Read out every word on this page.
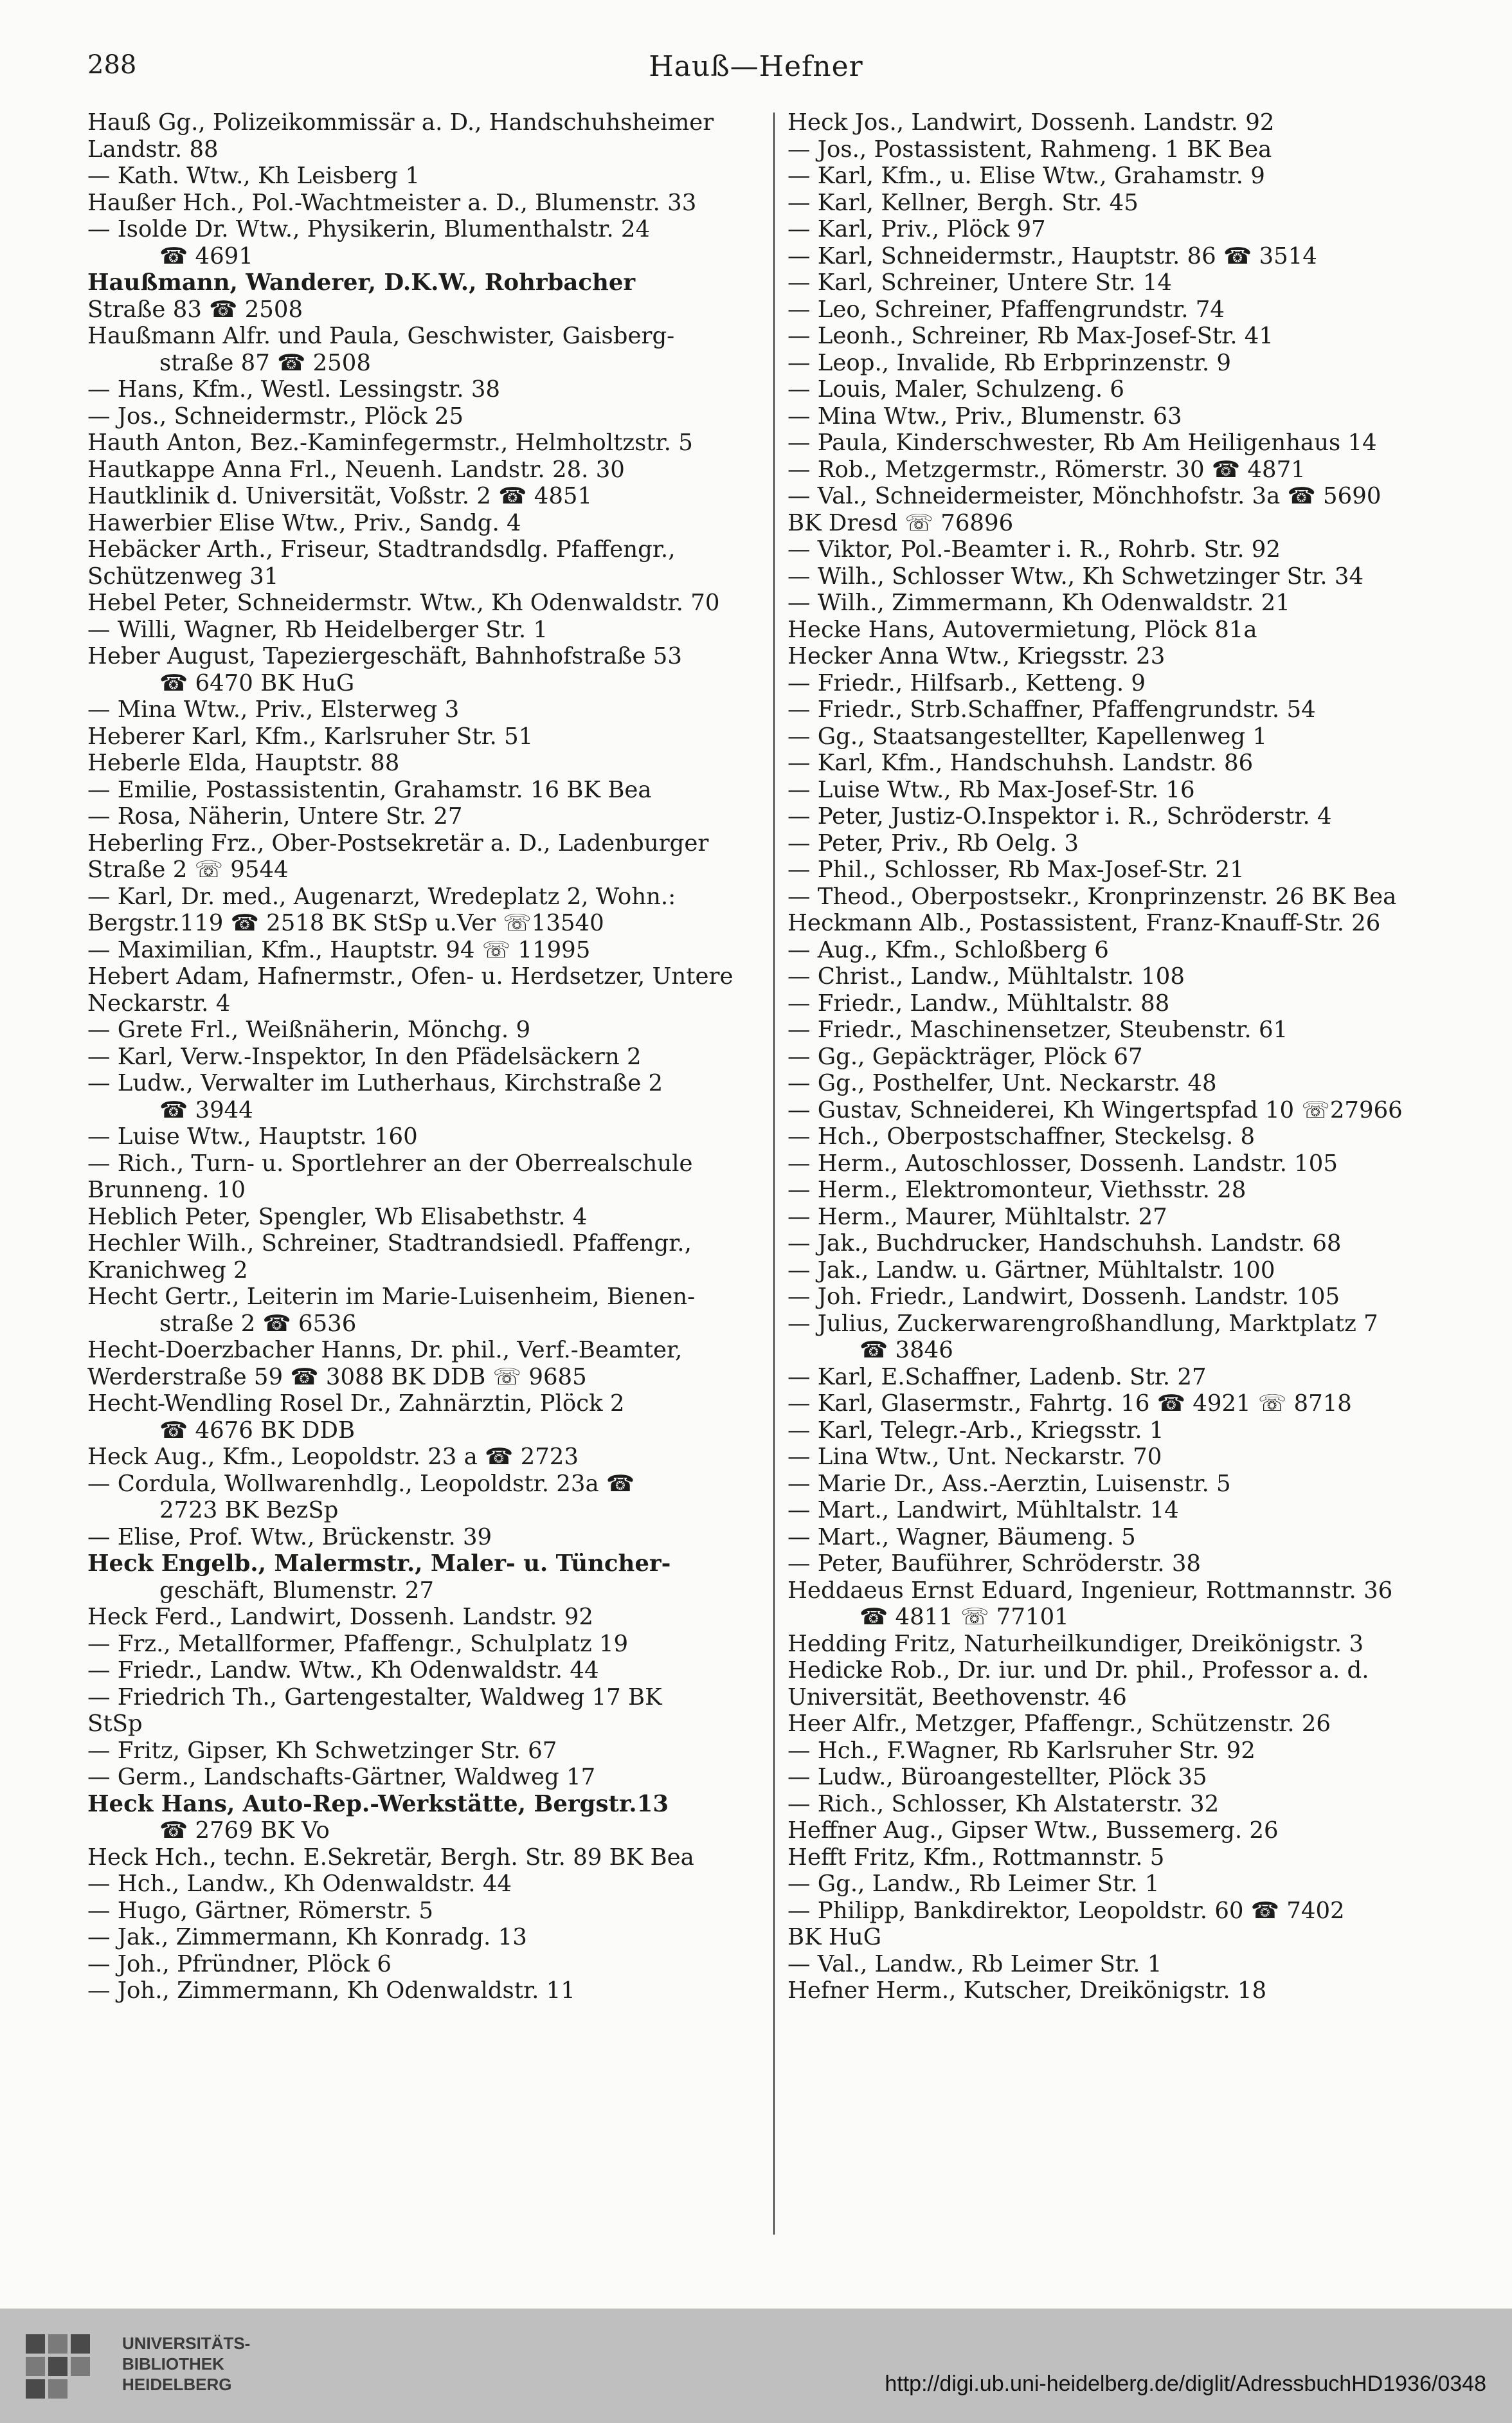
288	Hauß—Hefner
Hauß Gg., Polizeikommissär a. D., Handschuhsheimer
Landstr. 88
— Kath. Wtw., Kh Leisberg 1
Haußer Hch., Pol.-Wachtmeister a. D., Blumenstr. 33
— Isolde Dr. Wtw., Physikerin, Blumenthalstr. 24
☎ 4691
Haußmann, Wanderer, D.K.W., Rohrbacher
Straße 83 ☎ 2508
Haußmann Alfr. und Paula, Geschwister, Gaisberg-
straße 87 ☎ 2508
— Hans, Kfm., Westl. Lessingstr. 38
— Jos., Schneidermstr., Plöck 25
Hauth Anton, Bez.-Kaminfegermstr., Helmholtzstr. 5
Hautkappe Anna Frl., Neuenh. Landstr. 28. 30
Hautklinik d. Universität, Voßstr. 2 ☎ 4851
Hawerbier Elise Wtw., Priv., Sandg. 4
Hebäcker Arth., Friseur, Stadtrandsdlg. Pfaffengr.,
Schützenweg 31
Hebel Peter, Schneidermstr. Wtw., Kh Odenwaldstr. 70
— Willi, Wagner, Rb Heidelberger Str. 1
Heber August, Tapeziergeschäft, Bahnhofstraße 53
☎ 6470 BK HuG
— Mina Wtw., Priv., Elsterweg 3
Heberer Karl, Kfm., Karlsruher Str. 51
Heberle Elda, Hauptstr. 88
— Emilie, Postassistentin, Grahamstr. 16 BK Bea
— Rosa, Näherin, Untere Str. 27
Heberling Frz., Ober-Postsekretär a. D., Ladenburger
Straße 2 ☏ 9544
— Karl, Dr. med., Augenarzt, Wredeplatz 2, Wohn.:
Bergstr.119 ☎ 2518 BK StSp u.Ver ☏13540
— Maximilian, Kfm., Hauptstr. 94 ☏ 11995
Hebert Adam, Hafnermstr., Ofen- u. Herdsetzer, Untere
Neckarstr. 4
— Grete Frl., Weißnäherin, Mönchg. 9
— Karl, Verw.-Inspektor, In den Pfädelsäckern 2
— Ludw., Verwalter im Lutherhaus, Kirchstraße 2
☎ 3944
— Luise Wtw., Hauptstr. 160
— Rich., Turn- u. Sportlehrer an der Oberrealschule
Brunneng. 10
Heblich Peter, Spengler, Wb Elisabethstr. 4
Hechler Wilh., Schreiner, Stadtrandsiedl. Pfaffengr.,
Kranichweg 2
Hecht Gertr., Leiterin im Marie-Luisenheim, Bienen-
straße 2 ☎ 6536
Hecht-Doerzbacher Hanns, Dr. phil., Verf.-Beamter,
Werderstraße 59 ☎ 3088 BK DDB ☏ 9685
Hecht-Wendling Rosel Dr., Zahnärztin, Plöck 2
☎ 4676 BK DDB
Heck Aug., Kfm., Leopoldstr. 23 a ☎ 2723
— Cordula, Wollwarenhdlg., Leopoldstr. 23a ☎
2723 BK BezSp
— Elise, Prof. Wtw., Brückenstr. 39
Heck Engelb., Malermstr., Maler- u. Tüncher-
geschäft, Blumenstr. 27
Heck Ferd., Landwirt, Dossenh. Landstr. 92
— Frz., Metallformer, Pfaffengr., Schulplatz 19
— Friedr., Landw. Wtw., Kh Odenwaldstr. 44
— Friedrich Th., Gartengestalter, Waldweg 17 BK
StSp
— Fritz, Gipser, Kh Schwetzinger Str. 67
— Germ., Landschafts-Gärtner, Waldweg 17
Heck Hans, Auto-Rep.-Werkstätte, Bergstr.13
☎ 2769 BK Vo
Heck Hch., techn. E.Sekretär, Bergh. Str. 89 BK Bea
— Hch., Landw., Kh Odenwaldstr. 44
— Hugo, Gärtner, Römerstr. 5
— Jak., Zimmermann, Kh Konradg. 13
— Joh., Pfründner, Plöck 6
— Joh., Zimmermann, Kh Odenwaldstr. 11
Heck Jos., Landwirt, Dossenh. Landstr. 92
— Jos., Postassistent, Rahmeng. 1 BK Bea
— Karl, Kfm., u. Elise Wtw., Grahamstr. 9
— Karl, Kellner, Bergh. Str. 45
— Karl, Priv., Plöck 97
— Karl, Schneidermstr., Hauptstr. 86 ☎ 3514
— Karl, Schreiner, Untere Str. 14
— Leo, Schreiner, Pfaffengrundstr. 74
— Leonh., Schreiner, Rb Max-Josef-Str. 41
— Leop., Invalide, Rb Erbprinzenstr. 9
— Louis, Maler, Schulzeng. 6
— Mina Wtw., Priv., Blumenstr. 63
— Paula, Kinderschwester, Rb Am Heiligenhaus 14
— Rob., Metzgermstr., Römerstr. 30 ☎ 4871
— Val., Schneidermeister, Mönchhofstr. 3a ☎ 5690
BK Dresd ☏ 76896
— Viktor, Pol.-Beamter i. R., Rohrb. Str. 92
— Wilh., Schlosser Wtw., Kh Schwetzinger Str. 34
— Wilh., Zimmermann, Kh Odenwaldstr. 21
Hecke Hans, Autovermietung, Plöck 81a
Hecker Anna Wtw., Kriegsstr. 23
— Friedr., Hilfsarb., Ketteng. 9
— Friedr., Strb.Schaffner, Pfaffengrundstr. 54
— Gg., Staatsangestellter, Kapellenweg 1
— Karl, Kfm., Handschuhsh. Landstr. 86
— Luise Wtw., Rb Max-Josef-Str. 16
— Peter, Justiz-O.Inspektor i. R., Schröderstr. 4
— Peter, Priv., Rb Oelg. 3
— Phil., Schlosser, Rb Max-Josef-Str. 21
— Theod., Oberpostsekr., Kronprinzenstr. 26 BK Bea
Heckmann Alb., Postassistent, Franz-Knauff-Str. 26
— Aug., Kfm., Schloßberg 6
— Christ., Landw., Mühltalstr. 108
— Friedr., Landw., Mühltalstr. 88
— Friedr., Maschinensetzer, Steubenstr. 61
— Gg., Gepäckträger, Plöck 67
— Gg., Posthelfer, Unt. Neckarstr. 48
— Gustav, Schneiderei, Kh Wingertspfad 10 ☏27966
— Hch., Oberpostschaffner, Steckelsg. 8
— Herm., Autoschlosser, Dossenh. Landstr. 105
— Herm., Elektromonteur, Viethsstr. 28
— Herm., Maurer, Mühltalstr. 27
— Jak., Buchdrucker, Handschuhsh. Landstr. 68
— Jak., Landw. u. Gärtner, Mühltalstr. 100
— Joh. Friedr., Landwirt, Dossenh. Landstr. 105
— Julius, Zuckerwarengroßhandlung, Marktplatz 7
☎ 3846
— Karl, E.Schaffner, Ladenb. Str. 27
— Karl, Glasermstr., Fahrtg. 16 ☎ 4921 ☏ 8718
— Karl, Telegr.-Arb., Kriegsstr. 1
— Lina Wtw., Unt. Neckarstr. 70
— Marie Dr., Ass.-Aerztin, Luisenstr. 5
— Mart., Landwirt, Mühltalstr. 14
— Mart., Wagner, Bäumeng. 5
— Peter, Bauführer, Schröderstr. 38
Heddaeus Ernst Eduard, Ingenieur, Rottmannstr. 36
☎ 4811 ☏ 77101
Hedding Fritz, Naturheilkundiger, Dreikönigstr. 3
Hedicke Rob., Dr. iur. und Dr. phil., Professor a. d.
Universität, Beethovenstr. 46
Heer Alfr., Metzger, Pfaffengr., Schützenstr. 26
— Hch., F.Wagner, Rb Karlsruher Str. 92
— Ludw., Büroangestellter, Plöck 35
— Rich., Schlosser, Kh Alstaterstr. 32
Heffner Aug., Gipser Wtw., Bussemerg. 26
Hefft Fritz, Kfm., Rottmannstr. 5
— Gg., Landw., Rb Leimer Str. 1
— Philipp, Bankdirektor, Leopoldstr. 60 ☎ 7402
BK HuG
— Val., Landw., Rb Leimer Str. 1
Hefner Herm., Kutscher, Dreikönigstr. 18
UNIVERSITÄTS-
BIBLIOTHEK
HEIDELBERG	http://digi.ub.uni-heidelberg.de/diglit/AdressbuchHD1936/0348
